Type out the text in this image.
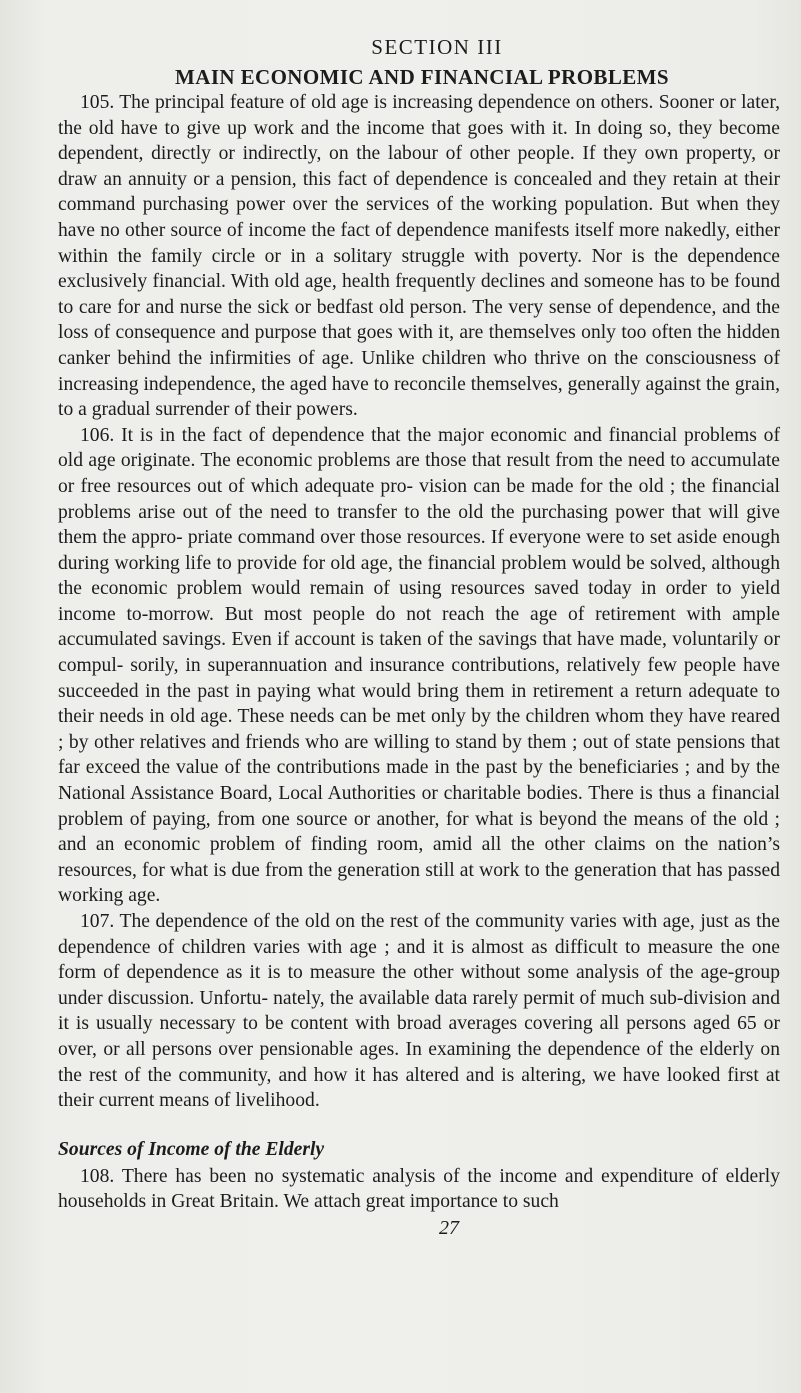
SECTION III
MAIN ECONOMIC AND FINANCIAL PROBLEMS

105. The principal feature of old age is increasing dependence on others. Sooner or later, the old have to give up work and the income that goes with it. In doing so, they become dependent, directly or indirectly, on the labour of other people. If they own property, or draw an annuity or a pension, this fact of dependence is concealed and they retain at their command purchasing power over the services of the working population. But when they have no other source of income the fact of dependence manifests itself more nakedly, either within the family circle or in a solitary struggle with poverty. Nor is the dependence exclusively financial. With old age, health frequently declines and someone has to be found to care for and nurse the sick or bedfast old person. The very sense of dependence, and the loss of consequence and purpose that goes with it, are themselves only too often the hidden canker behind the infirmities of age. Unlike children who thrive on the consciousness of increasing independence, the aged have to reconcile themselves, generally against the grain, to a gradual surrender of their powers.

106. It is in the fact of dependence that the major economic and financial problems of old age originate. The economic problems are those that result from the need to accumulate or free resources out of which adequate pro- vision can be made for the old ; the financial problems arise out of the need to transfer to the old the purchasing power that will give them the appro- priate command over those resources. If everyone were to set aside enough during working life to provide for old age, the financial problem would be solved, although the economic problem would remain of using resources saved today in order to yield income to-morrow. But most people do not reach the age of retirement with ample accumulated savings. Even if account is taken of the savings that have made, voluntarily or compul- sorily, in superannuation and insurance contributions, relatively few people have succeeded in the past in paying what would bring them in retirement a return adequate to their needs in old age. These needs can be met only by the children whom they have reared ; by other relatives and friends who are willing to stand by them ; out of state pensions that far exceed the value of the contributions made in the past by the beneficiaries ; and by the National Assistance Board, Local Authorities or charitable bodies. There is thus a financial problem of paying, from one source or another, for what is beyond the means of the old ; and an economic problem of finding room, amid all the other claims on the nation’s resources, for what is due from the generation still at work to the generation that has passed working age.

107. The dependence of the old on the rest of the community varies with age, just as the dependence of children varies with age ; and it is almost as difficult to measure the one form of dependence as it is to measure the other without some analysis of the age-group under discussion. Unfortu- nately, the available data rarely permit of much sub-division and it is usually necessary to be content with broad averages covering all persons aged 65 or over, or all persons over pensionable ages. In examining the dependence of the elderly on the rest of the community, and how it has altered and is altering, we have looked first at their current means of livelihood.

Sources of Income of the Elderly

108. There has been no systematic analysis of the income and expenditure of elderly households in Great Britain. We attach great importance to such

27
